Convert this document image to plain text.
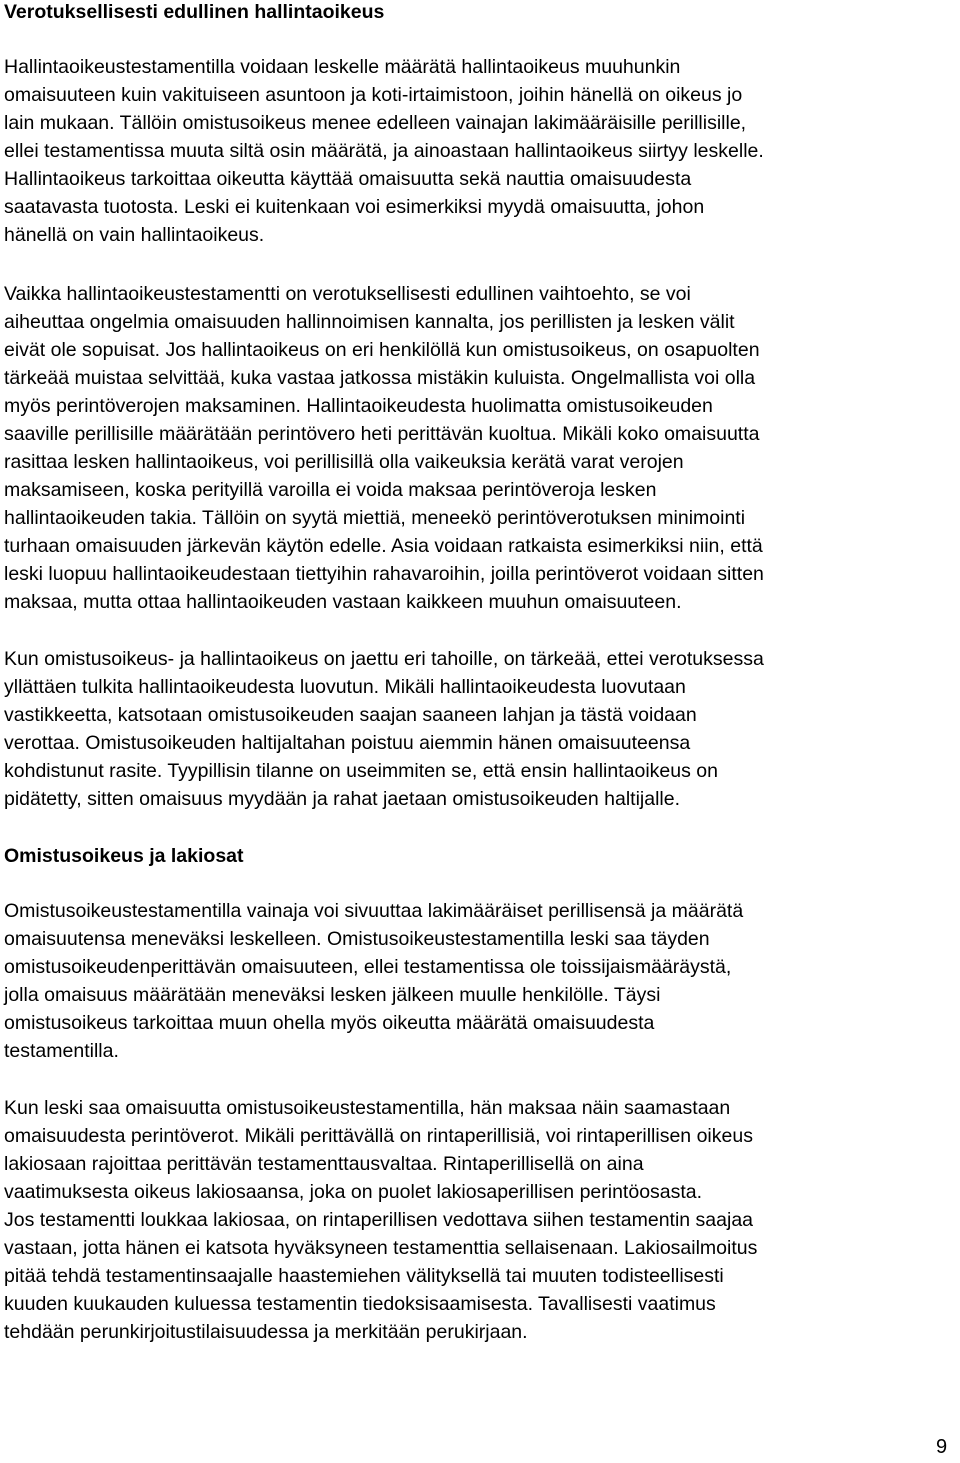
Verotuksellisesti edullinen hallintaoikeus

Hallintaoikeustestamentilla voidaan leskelle määrätä hallintaoikeus muuhunkin
omaisuuteen kuin vakituiseen asuntoon ja koti-irtaimistoon, joihin hänellä on oikeus jo
lain mukaan. Tällöin omistusoikeus menee edelleen vainajan lakimääräisille perillisille,
ellei testamentissa muuta siltä osin määrätä, ja ainoastaan hallintaoikeus siirtyy leskelle.
Hallintaoikeus tarkoittaa oikeutta käyttää omaisuutta sekä nauttia omaisuudesta
saatavasta tuotosta. Leski ei kuitenkaan voi esimerkiksi myydä omaisuutta, johon
hänellä on vain hallintaoikeus.

Vaikka hallintaoikeustestamentti on verotuksellisesti edullinen vaihtoehto, se voi
aiheuttaa ongelmia omaisuuden hallinnoimisen kannalta, jos perillisten ja lesken välit
eivät ole sopuisat. Jos hallintaoikeus on eri henkilöllä kun omistusoikeus, on osapuolten
tärkeää muistaa selvittää, kuka vastaa jatkossa mistäkin kuluista. Ongelmallista voi olla
myös perintöverojen maksaminen. Hallintaoikeudesta huolimatta omistusoikeuden
saaville perillisille määrätään perintövero heti perittävän kuoltua. Mikäli koko omaisuutta
rasittaa lesken hallintaoikeus, voi perillisillä olla vaikeuksia kerätä varat verojen
maksamiseen, koska perityillä varoilla ei voida maksaa perintöveroja lesken
hallintaoikeuden takia. Tällöin on syytä miettiä, meneekö perintöverotuksen minimointi
turhaan omaisuuden järkevän käytön edelle. Asia voidaan ratkaista esimerkiksi niin, että
leski luopuu hallintaoikeudestaan tiettyihin rahavaroihin, joilla perintöverot voidaan sitten
maksaa, mutta ottaa hallintaoikeuden vastaan kaikkeen muuhun omaisuuteen.

Kun omistusoikeus- ja hallintaoikeus on jaettu eri tahoille, on tärkeää, ettei verotuksessa
yllättäen tulkita hallintaoikeudesta luovutun. Mikäli hallintaoikeudesta luovutaan
vastikkeetta, katsotaan omistusoikeuden saajan saaneen lahjan ja tästä voidaan
verottaa. Omistusoikeuden haltijaltahan poistuu aiemmin hänen omaisuuteensa
kohdistunut rasite. Tyypillisin tilanne on useimmiten se, että ensin hallintaoikeus on
pidätetty, sitten omaisuus myydään ja rahat jaetaan omistusoikeuden haltijalle.

Omistusoikeus ja lakiosat

Omistusoikeustestamentilla vainaja voi sivuuttaa lakimääräiset perillisensä ja määrätä
omaisuutensa meneväksi leskelleen. Omistusoikeustestamentilla leski saa täyden
omistusoikeudenperittävän omaisuuteen, ellei testamentissa ole toissijaismääräystä,
jolla omaisuus määrätään meneväksi lesken jälkeen muulle henkilölle. Täysi
omistusoikeus tarkoittaa muun ohella myös oikeutta määrätä omaisuudesta
testamentilla.

Kun leski saa omaisuutta omistusoikeustestamentilla, hän maksaa näin saamastaan
omaisuudesta perintöverot. Mikäli perittävällä on rintaperillisiä, voi rintaperillisen oikeus
lakiosaan rajoittaa perittävän testamenttausvaltaa. Rintaperillisellä on aina
vaatimuksesta oikeus lakiosaansa, joka on puolet lakiosaperillisen perintöosasta.
Jos testamentti loukkaa lakiosaa, on rintaperillisen vedottava siihen testamentin saajaa
vastaan, jotta hänen ei katsota hyväksyneen testamenttia sellaisenaan. Lakiosailmoitus
pitää tehdä testamentinsaajalle haastemiehen välityksellä tai muuten todisteellisesti
kuuden kuukauden kuluessa testamentin tiedoksisaamisesta. Tavallisesti vaatimus
tehdään perunkirjoitustilaisuudessa ja merkitään perukirjaan.

9
